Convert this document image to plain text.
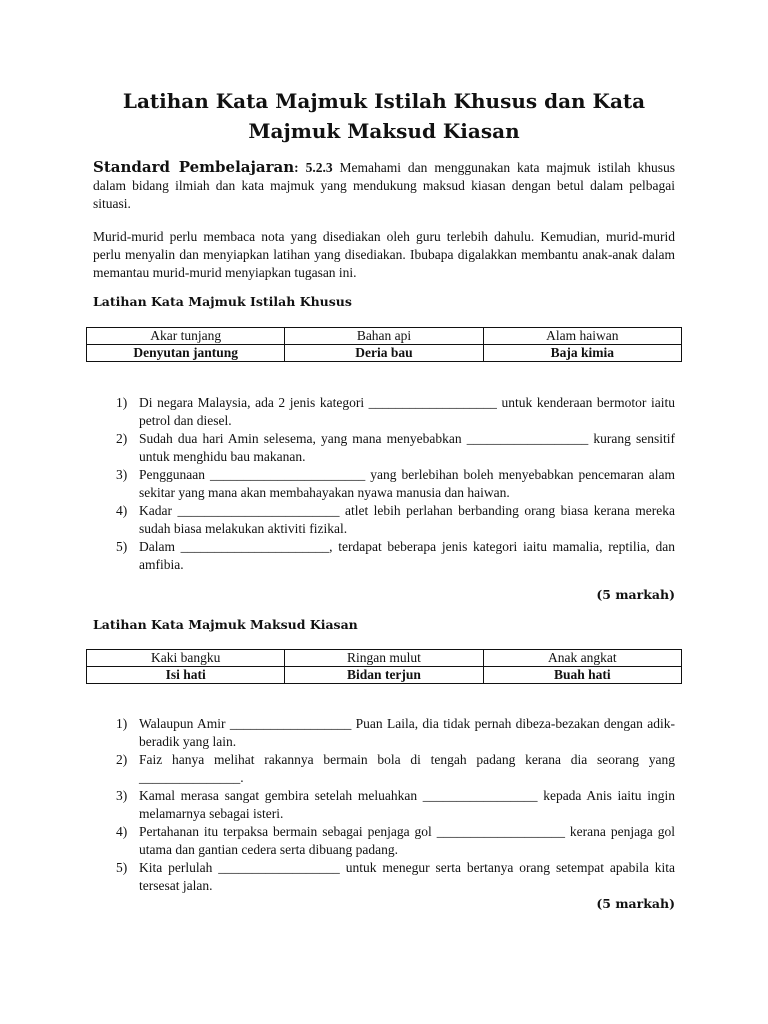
Latihan Kata Majmuk Istilah Khusus dan Kata Majmuk Maksud Kiasan

Standard Pembelajaran: 5.2.3 Memahami dan menggunakan kata majmuk istilah khusus dalam bidang ilmiah dan kata majmuk yang mendukung maksud kiasan dengan betul dalam pelbagai situasi.

Murid-murid perlu membaca nota yang disediakan oleh guru terlebih dahulu. Kemudian, murid-murid perlu menyalin dan menyiapkan latihan yang disediakan. Ibubapa digalakkan membantu anak-anak dalam memantau murid-murid menyiapkan tugasan ini.

Latihan Kata Majmuk Istilah Khusus
Akar tunjang	Bahan api	Alam haiwan
Denyutan jantung	Deria bau	Baja kimia
1) Di negara Malaysia, ada 2 jenis kategori ___________________ untuk kenderaan bermotor iaitu petrol dan diesel.
2) Sudah dua hari Amin selesema, yang mana menyebabkan __________________ kurang sensitif untuk menghidu bau makanan.
3) Penggunaan _______________________ yang berlebihan boleh menyebabkan pencemaran alam sekitar yang mana akan membahayakan nyawa manusia dan haiwan.
4) Kadar ________________________ atlet lebih perlahan berbanding orang biasa kerana mereka sudah biasa melakukan aktiviti fizikal.
5) Dalam ______________________, terdapat beberapa jenis kategori iaitu mamalia, reptilia, dan amfibia.
(5 markah)
Latihan Kata Majmuk Maksud Kiasan
Kaki bangku	Ringan mulut	Anak angkat
Isi hati	Bidan terjun	Buah hati
1) Walaupun Amir __________________ Puan Laila, dia tidak pernah dibeza-bezakan dengan adik-beradik yang lain.
2) Faiz hanya melihat rakannya bermain bola di tengah padang kerana dia seorang yang _______________.
3) Kamal merasa sangat gembira setelah meluahkan _________________ kepada Anis iaitu ingin melamarnya sebagai isteri.
4) Pertahanan itu terpaksa bermain sebagai penjaga gol ___________________ kerana penjaga gol utama dan gantian cedera serta dibuang padang.
5) Kita perlulah __________________ untuk menegur serta bertanya orang setempat apabila kita tersesat jalan.
(5 markah)
